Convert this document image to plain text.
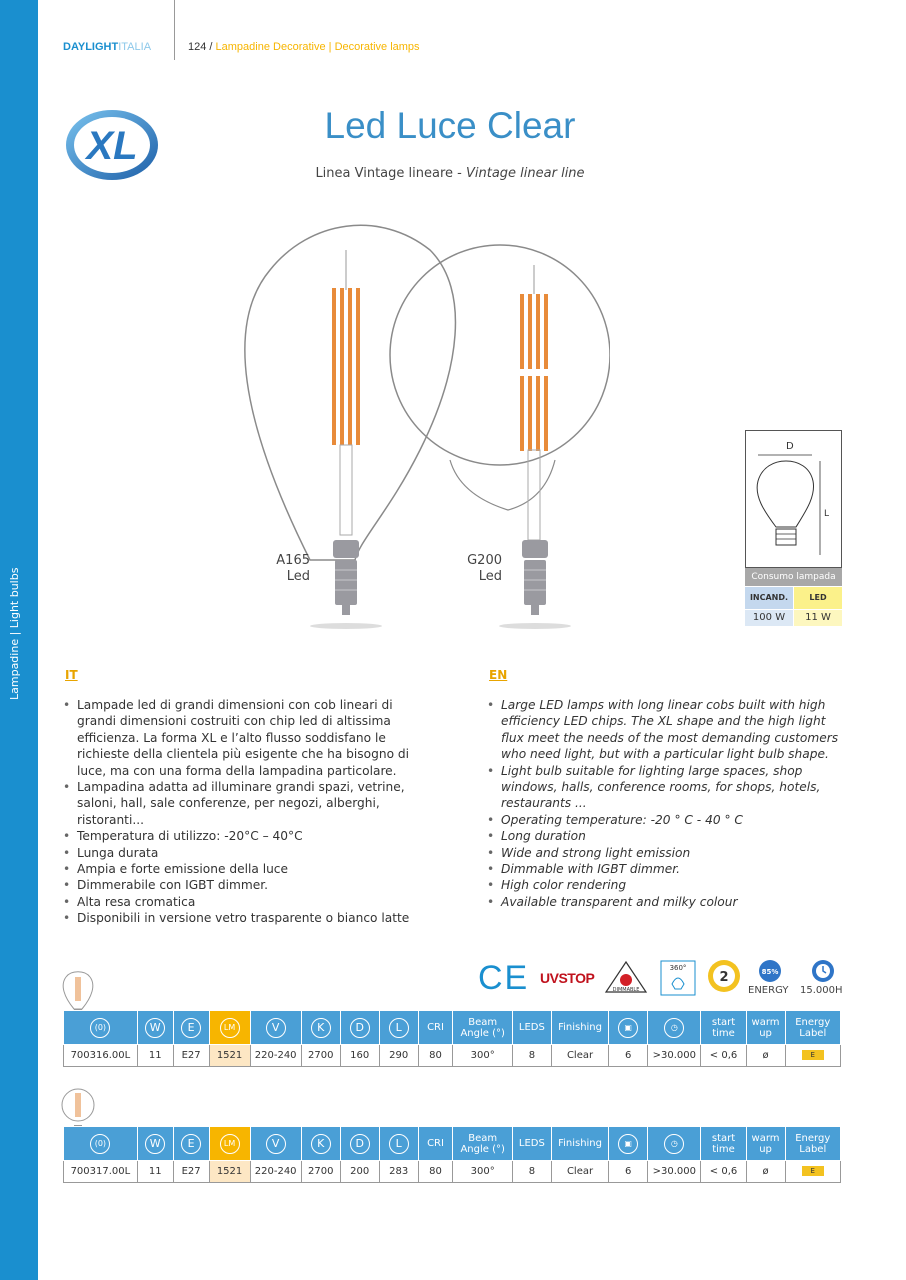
Lampadine | Light bulbs
DAYLIGHTITALIA	124 / Lampadine Decorative | Decorative lamps
XL	Led Luce Clear
Linea Vintage lineare - Vintage linear line
A165
Led
G200
Led
D
L
Consumo lampada
INCAND.	LED
100 W	11 W
IT	EN
• Lampade led di grandi dimensioni con cob lineari di grandi dimensioni costruiti con chip led di altissima efficienza. La forma XL e l’alto flusso soddisfano le richieste della clientela più esigente che ha bisogno di luce, ma con una forma della lampadina particolare.
• Lampadina adatta ad illuminare grandi spazi, vetrine, saloni, hall, sale conferenze, per negozi, alberghi, ristoranti...
• Temperatura di utilizzo: -20°C – 40°C
• Lunga durata
• Ampia e forte emissione della luce
• Dimmerabile con IGBT dimmer.
• Alta resa cromatica
• Disponibili in versione vetro trasparente o bianco latte
• Large LED lamps with long linear cobs built with high efficiency LED chips. The XL shape and the high light flux meet the needs of the most demanding customers who need light, but with a particular light bulb shape.
• Light bulb suitable for lighting large spaces, shop windows, halls, conference rooms, for shops, hotels, restaurants ...
• Operating temperature: -20 ° C - 40 ° C
• Long duration
• Wide and strong light emission
• Dimmable with IGBT dimmer.
• High color rendering
• Available transparent and milky colour
CE UVSTOP
DIMMABLE
360°
2	85%
ENERGY 15.000H
(0)	W	E	LM	V	K	D	L	CRI	Beam Angle (°)	LEDS	Finishing	▣	◷	start time	warm up	Energy Label
700316.00L	11	E27	1521	220-240	2700	160	290	80	300°	8	Clear	6	>30.000	< 0,6	ø	E
(0)	W	E	LM	V	K	D	L	CRI	Beam Angle (°)	LEDS	Finishing	▣	◷	start time	warm up	Energy Label
700317.00L	11	E27	1521	220-240	2700	200	283	80	300°	8	Clear	6	>30.000	< 0,6	ø	E
